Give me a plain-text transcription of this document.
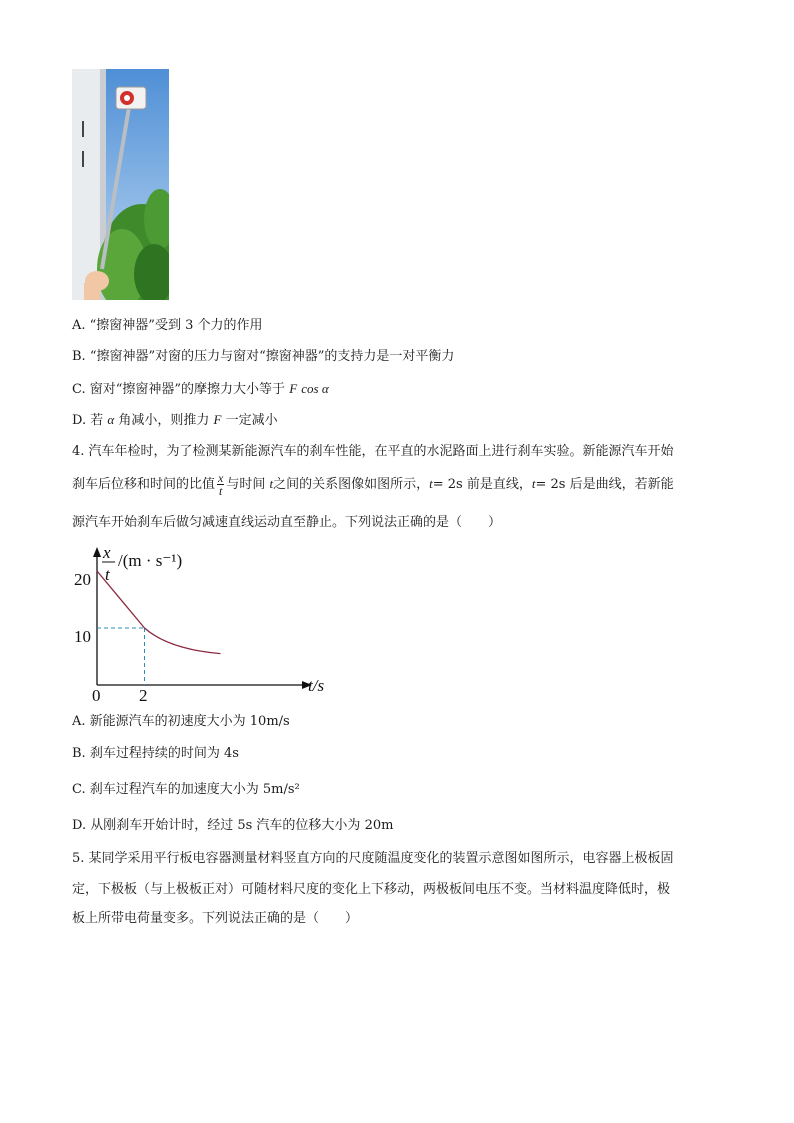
A. “擦窗神器”受到 3 个力的作用
B. “擦窗神器”对窗的压力与窗对“擦窗神器”的支持力是一对平衡力
C. 窗对“擦窗神器”的摩擦力大小等于 F cos α
D. 若 α 角减小，则推力 F 一定减小
4. 汽车年检时，为了检测某新能源汽车的刹车性能，在平直的水泥路面上进行刹车实验。新能源汽车开始
刹车后位移和时间的比值 $\frac{x}{t}$ 与时间 t之间的关系图像如图所示，t= 2s 前是直线，t= 2s 后是曲线，若新能
源汽车开始刹车后做匀减速直线运动直至静止。下列说法正确的是（　　）
x
t
/(m · s⁻¹)
20
10
0 2
t/s
A. 新能源汽车的初速度大小为 10m/s
B. 刹车过程持续的时间为 4s
C. 刹车过程汽车的加速度大小为 5m/s²
D. 从刚刹车开始计时，经过 5s 汽车的位移大小为 20m
5. 某同学采用平行板电容器测量材料竖直方向的尺度随温度变化的装置示意图如图所示，电容器上极板固
定，下极板（与上极板正对）可随材料尺度的变化上下移动，两极板间电压不变。当材料温度降低时，极
板上所带电荷量变多。下列说法正确的是（　　）
